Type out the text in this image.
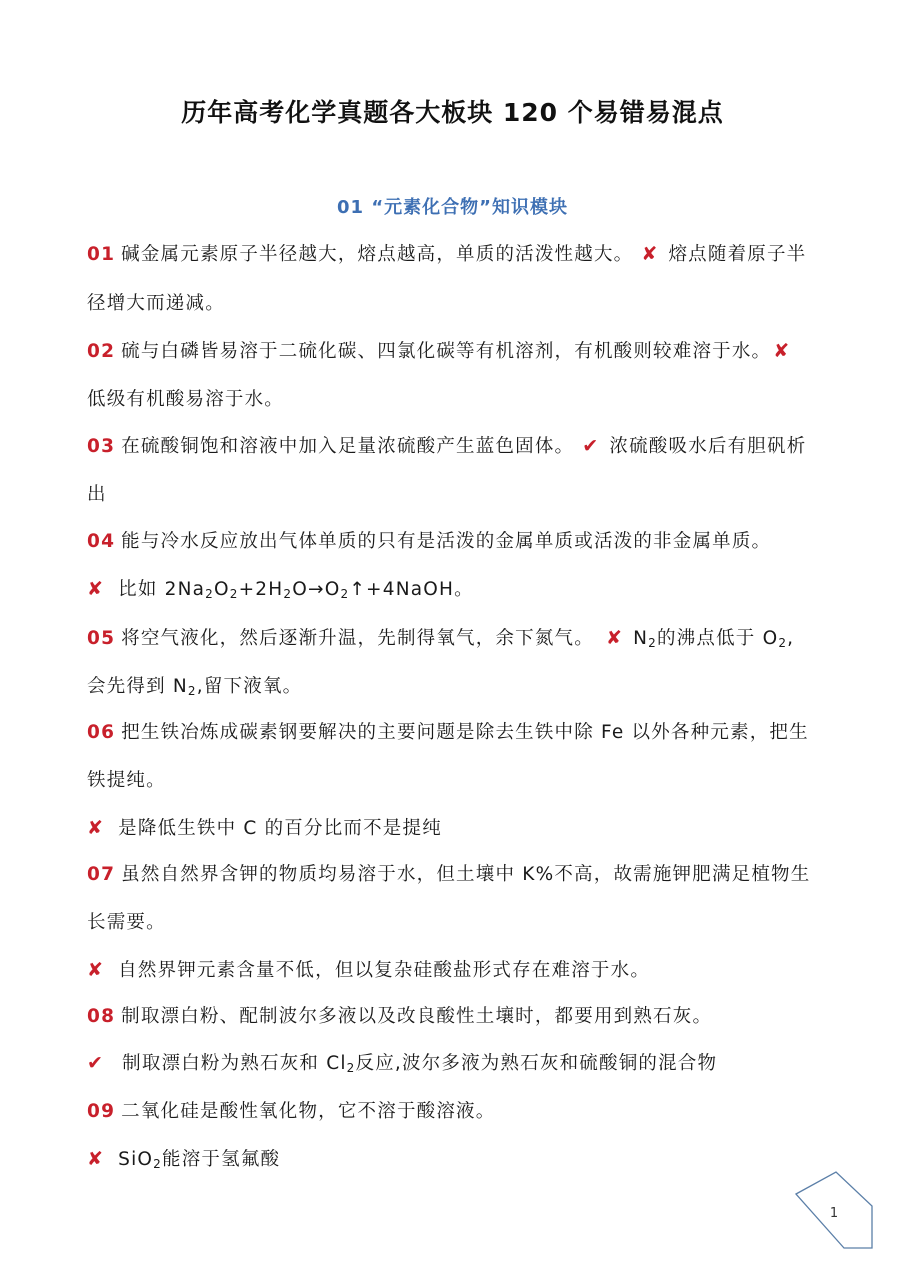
历年高考化学真题各大板块 120 个易错易混点
01 “元素化合物”知识模块
01 碱金属元素原子半径越大，熔点越高，单质的活泼性越大。 ✘ 熔点随着原子半
径增大而递减。
02 硫与白磷皆易溶于二硫化碳、四氯化碳等有机溶剂，有机酸则较难溶于水。 ✘
低级有机酸易溶于水。
03 在硫酸铜饱和溶液中加入足量浓硫酸产生蓝色固体。 ✔ 浓硫酸吸水后有胆矾析
出
04 能与冷水反应放出气体单质的只有是活泼的金属单质或活泼的非金属单质。
✘ 比如 $2Na_2O_2+2H_2O\to O_2↑+4NaOH$。
05 将空气液化，然后逐渐升温，先制得氧气，余下氮气。 ✘ $N_2$的沸点低于 $O_2$,
会先得到 $N_2$,留下液氧。
06 把生铁冶炼成碳素钢要解决的主要问题是除去生铁中除 Fe 以外各种元素，把生
铁提纯。
✘ 是降低生铁中 C 的百分比而不是提纯
07 虽然自然界含钾的物质均易溶于水，但土壤中 K%不高，故需施钾肥满足植物生
长需要。
✘ 自然界钾元素含量不低，但以复杂硅酸盐形式存在难溶于水。
08 制取漂白粉、配制波尔多液以及改良酸性土壤时，都要用到熟石灰。
✔ 制取漂白粉为熟石灰和 $Cl_2$反应,波尔多液为熟石灰和硫酸铜的混合物
09 二氧化硅是酸性氧化物，它不溶于酸溶液。
✘ SiO$_2$能溶于氢氟酸
1
